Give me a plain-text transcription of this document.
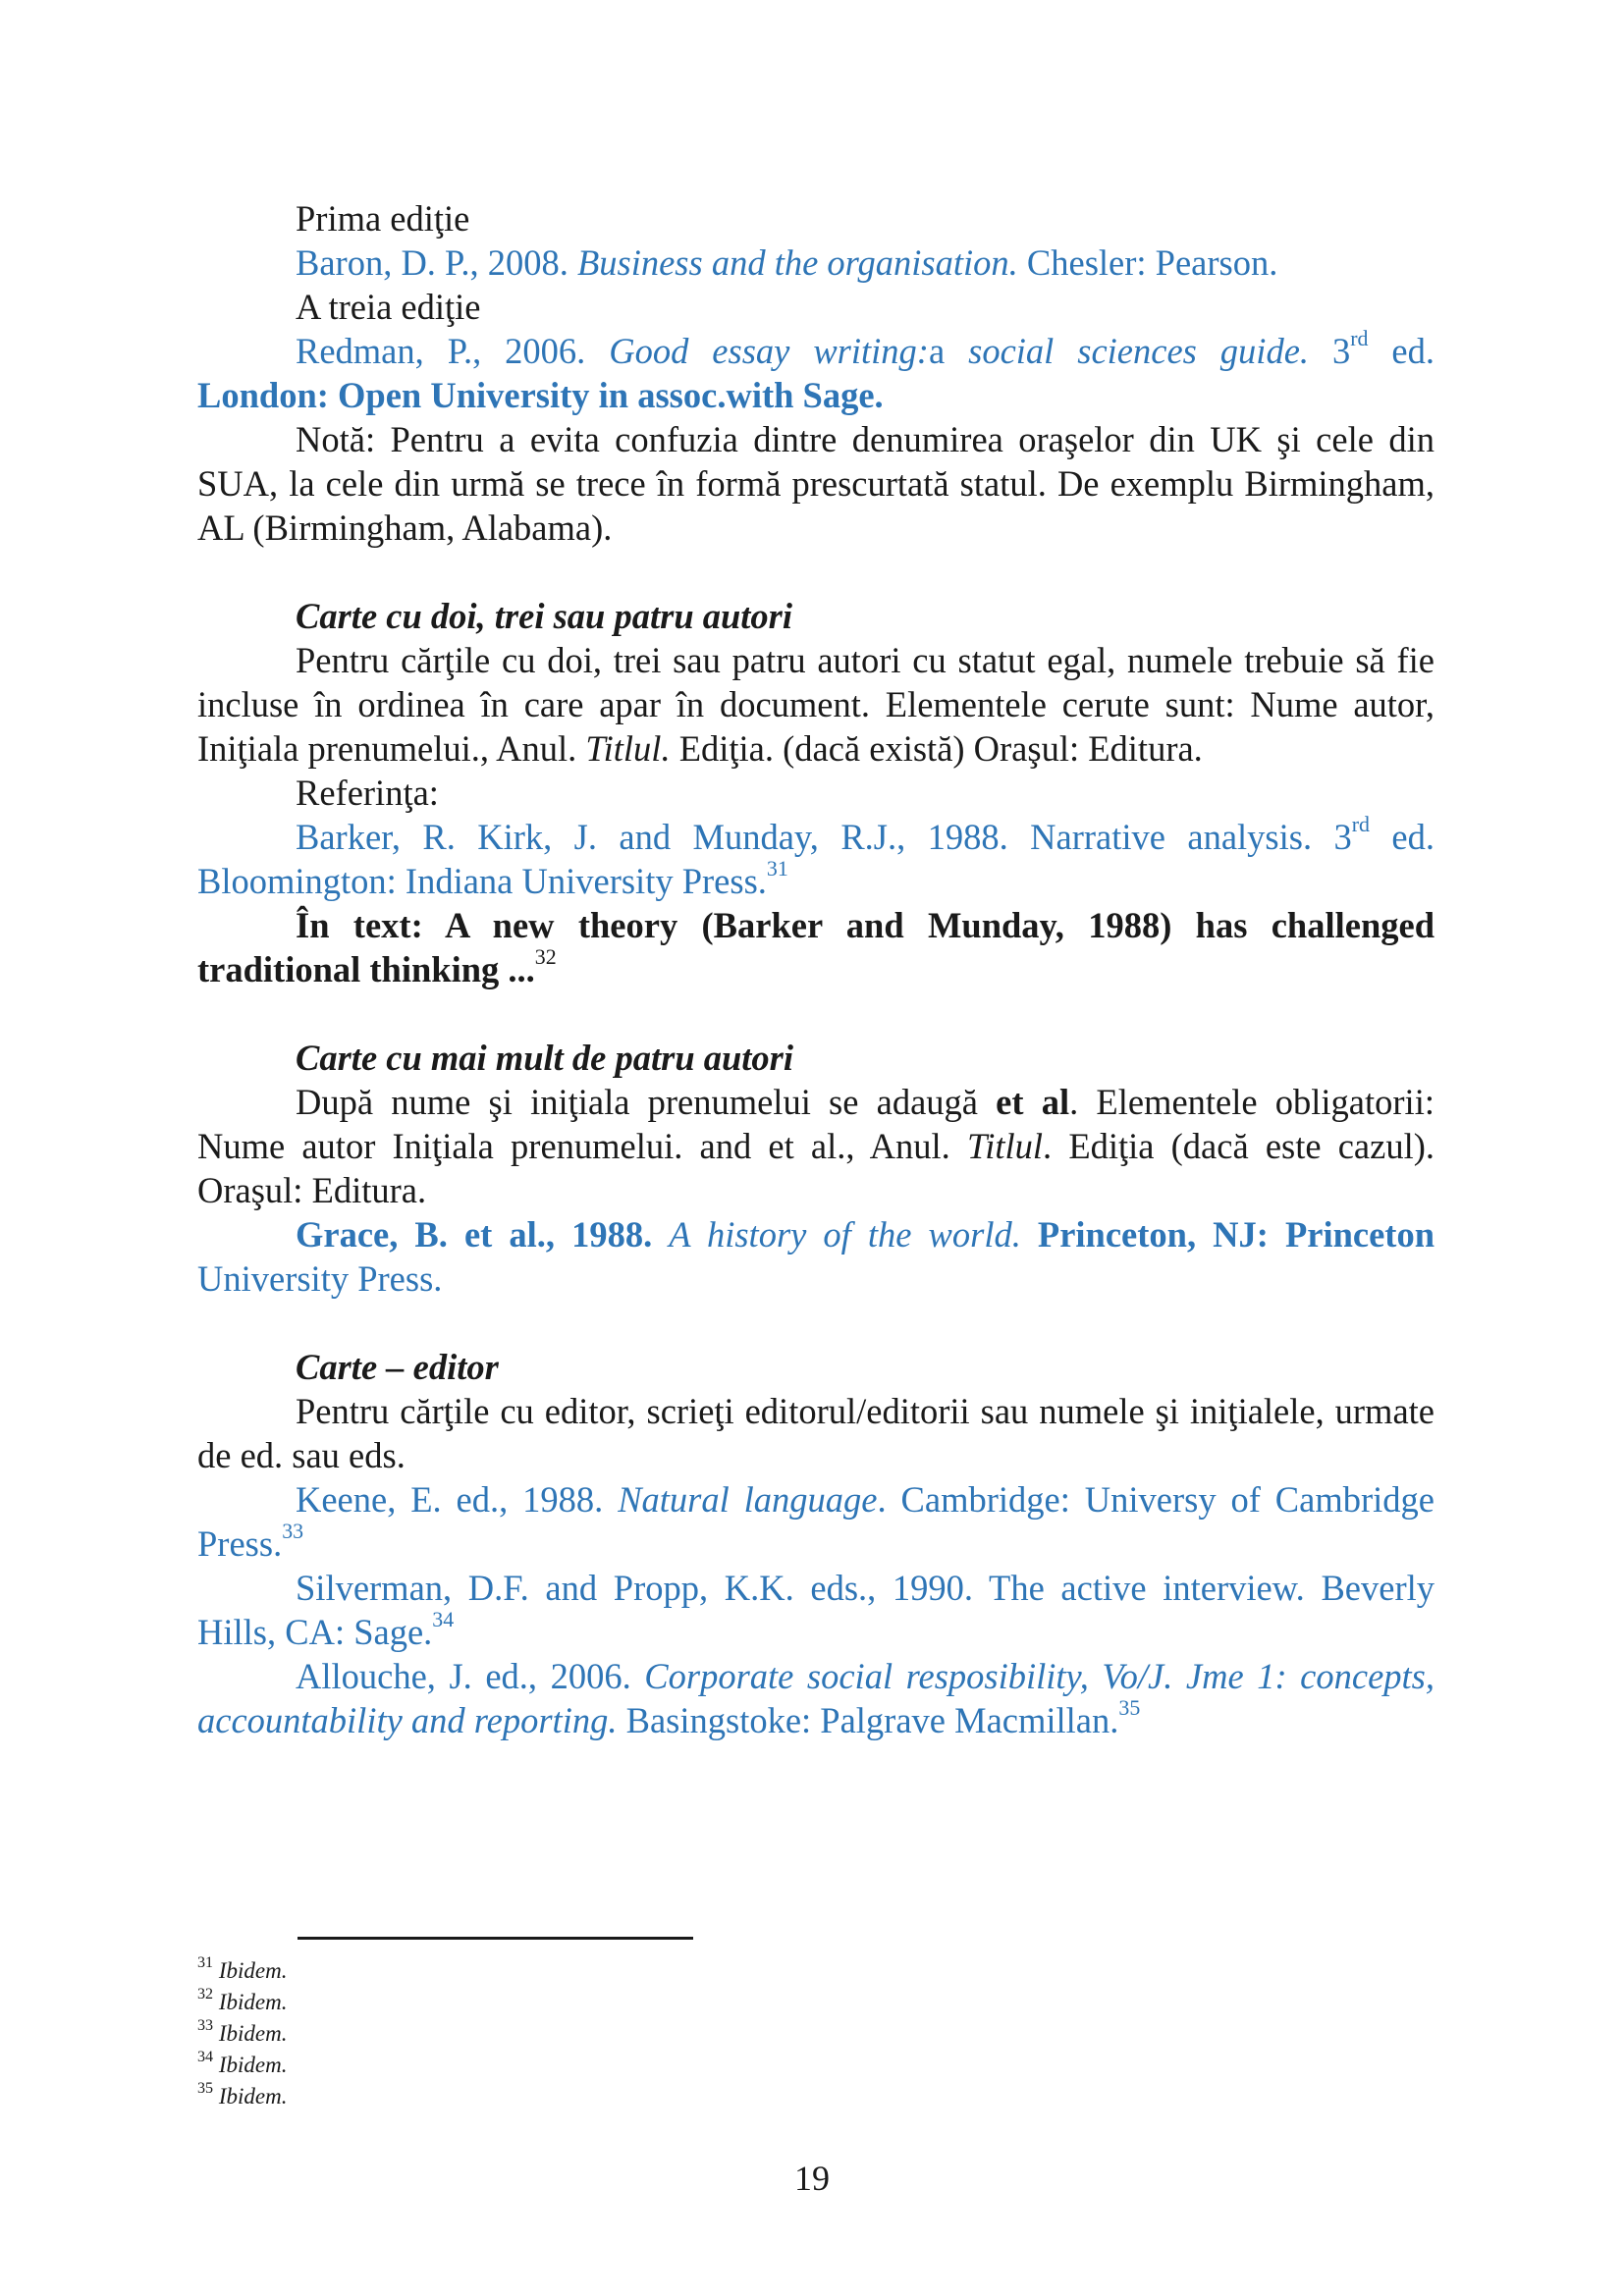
Prima ediţie

Baron, D. P., 2008. Business and the organisation. Chesler: Pearson.

A treia ediţie

Redman, P., 2006. Good essay writing:a social sciences guide. 3rd ed.

London: Open University in assoc.with Sage.

Notă: Pentru a evita confuzia dintre denumirea oraşelor din UK şi cele din SUA, la cele din urmă se trece în formă prescurtată statul. De exemplu Birmingham, AL (Birmingham, Alabama).

Carte cu doi, trei sau patru autori

Pentru cărţile cu doi, trei sau patru autori cu statut egal, numele trebuie să fie incluse în ordinea în care apar în document. Elementele cerute sunt: Nume autor, Iniţiala prenumelui., Anul. Titlul. Ediţia. (dacă există) Oraşul: Editura.

Referinţa:

Barker, R. Kirk, J. and Munday, R.J., 1988. Narrative analysis. 3rd ed. Bloomington: Indiana University Press.$^{31}$

În text: A new theory (Barker and Munday, 1988) has challenged traditional thinking ...$^{32}$

Carte cu mai mult de patru autori

După nume şi iniţiala prenumelui se adaugă et al. Elementele obligatorii: Nume autor Iniţiala prenumelui. and et al., Anul. Titlul. Ediţia (dacă este cazul). Oraşul: Editura.

Grace, B. et al., 1988. A history of the world. Princeton, NJ: Princeton University Press.

Carte – editor

Pentru cărţile cu editor, scrieţi editorul/editorii sau numele şi iniţialele, urmate de ed. sau eds.

Keene, E. ed., 1988. Natural language. Cambridge: Universy of Cambridge Press.$^{33}$

Silverman, D.F. and Propp, K.K. eds., 1990. The active interview. Beverly Hills, CA: Sage.$^{34}$

Allouche, J. ed., 2006. Corporate social resposibility, Vo/J. Jme 1: concepts, accountability and reporting. Basingstoke: Palgrave Macmillan.$^{35}$

$^{31}$ Ibidem.
$^{32}$ Ibidem.
$^{33}$ Ibidem.
$^{34}$ Ibidem.
$^{35}$ Ibidem.
19
